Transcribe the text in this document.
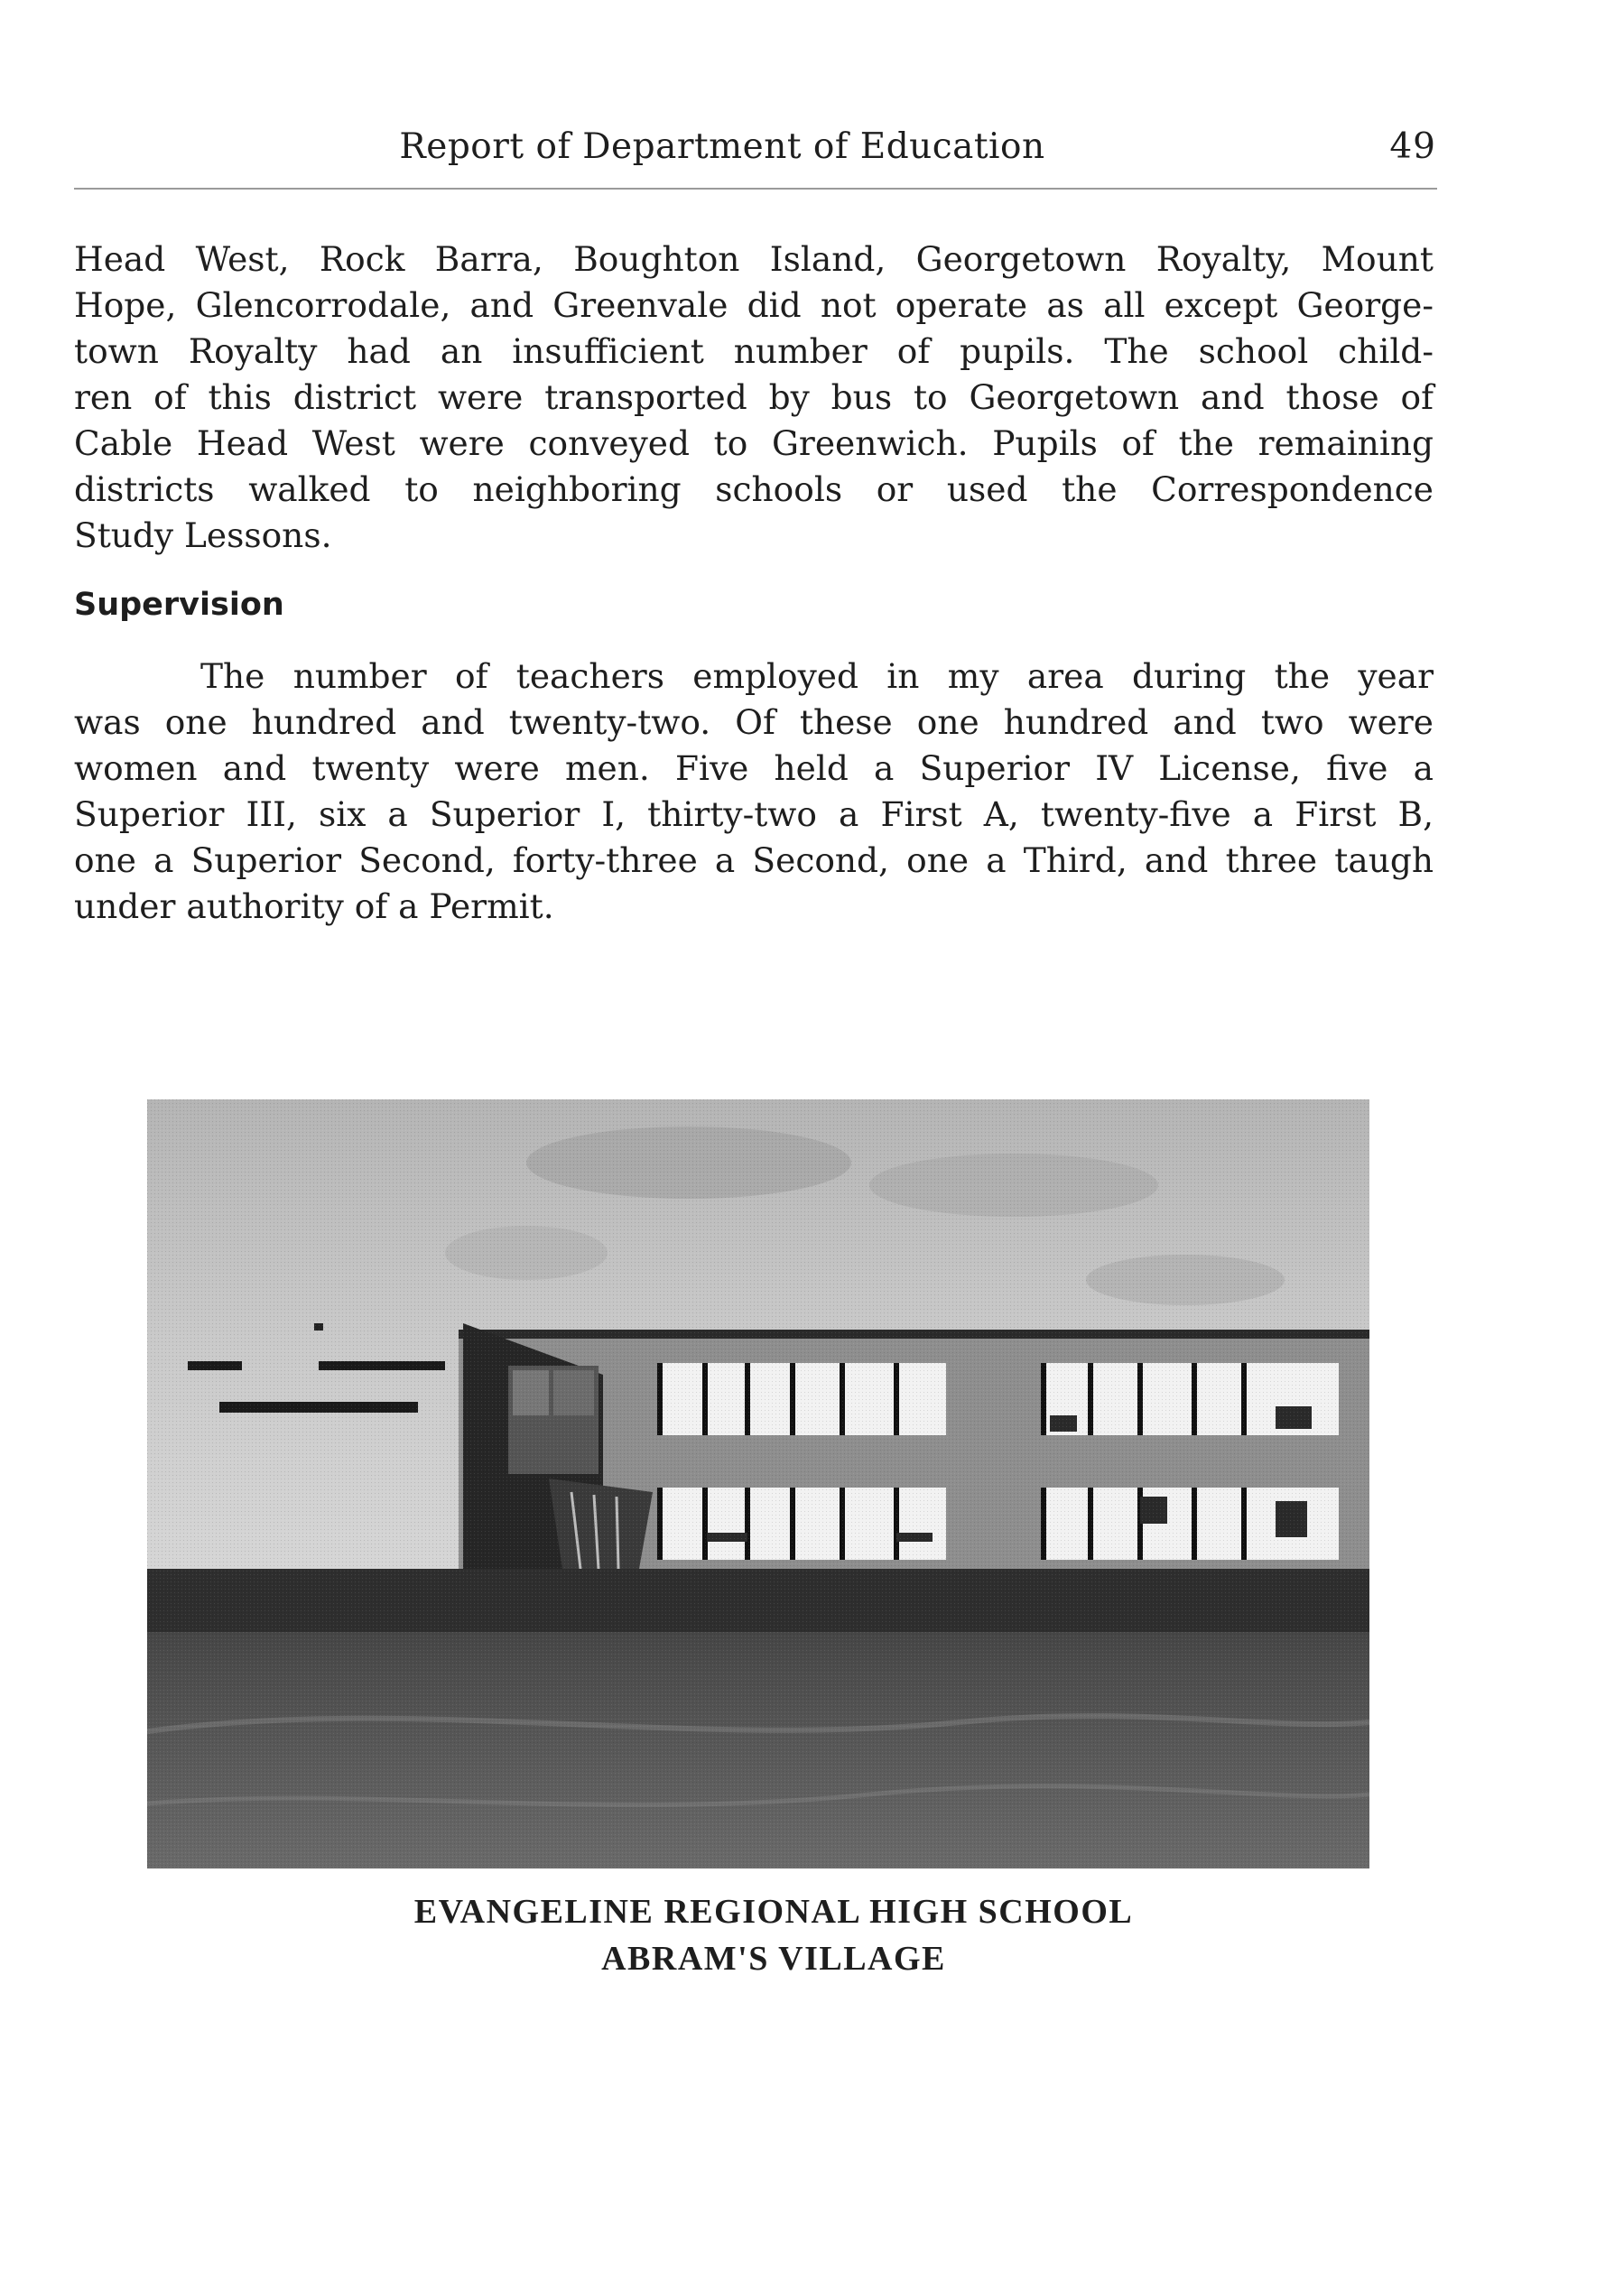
Report of Department of Education	49
Head West, Rock Barra, Boughton Island, Georgetown Royalty, Mount
Hope, Glencorrodale, and Greenvale did not operate as all except George-
town Royalty had an insufficient number of pupils. The school child-
ren of this district were transported by bus to Georgetown and those of
Cable Head West were conveyed to Greenwich. Pupils of the remaining
districts walked to neighboring schools or used the Correspondence
Study Lessons.
Supervision
The number of teachers employed in my area during the year
was one hundred and twenty-two. Of these one hundred and two were
women and twenty were men. Five held a Superior IV License, five a
Superior III, six a Superior I, thirty-two a First A, twenty-five a First B,
one a Superior Second, forty-three a Second, one a Third, and three taugh
under authority of a Permit.
EVANGELINE REGIONAL HIGH SCHOOL
ABRAM'S VILLAGE
